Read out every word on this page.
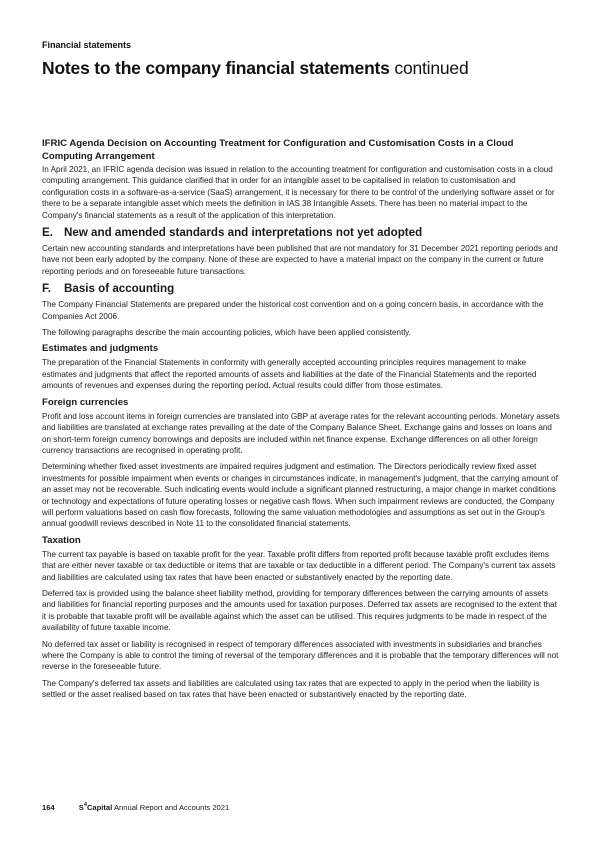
Financial statements
Notes to the company financial statements continued
IFRIC Agenda Decision on Accounting Treatment for Configuration and Customisation Costs in a Cloud Computing Arrangement

In April 2021, an IFRIC agenda decision was issued in relation to the accounting treatment for configuration and customisation costs in a cloud computing arrangement. This guidance clarified that in order for an intangible asset to be capitalised in relation to customisation and configuration costs in a software-as-a-service (SaaS) arrangement, it is necessary for there to be control of the underlying software asset or for there to be a separate intangible asset which meets the definition in IAS 38 Intangible Assets. There has been no material impact to the Company's financial statements as a result of the application of this interpretation.

E. New and amended standards and interpretations not yet adopted

Certain new accounting standards and interpretations have been published that are not mandatory for 31 December 2021 reporting periods and have not been early adopted by the company. None of these are expected to have a material impact on the company in the current or future reporting periods and on foreseeable future transactions.

F. Basis of accounting

The Company Financial Statements are prepared under the historical cost convention and on a going concern basis, in accordance with the Companies Act 2006.

The following paragraphs describe the main accounting policies, which have been applied consistently.

Estimates and judgments

The preparation of the Financial Statements in conformity with generally accepted accounting principles requires management to make estimates and judgments that affect the reported amounts of assets and liabilities at the date of the Financial Statements and the reported amounts of revenues and expenses during the reporting period. Actual results could differ from those estimates.

Foreign currencies

Profit and loss account items in foreign currencies are translated into GBP at average rates for the relevant accounting periods. Monetary assets and liabilities are translated at exchange rates prevailing at the date of the Company Balance Sheet. Exchange gains and losses on loans and on short-term foreign currency borrowings and deposits are included within net finance expense. Exchange differences on all other foreign currency transactions are recognised in operating profit.

Determining whether fixed asset investments are impaired requires judgment and estimation. The Directors periodically review fixed asset investments for possible impairment when events or changes in circumstances indicate, in management's judgment, that the carrying amount of an asset may not be recoverable. Such indicating events would include a significant planned restructuring, a major change in market conditions or technology and expectations of future operating losses or negative cash flows. When such impairment reviews are conducted, the Company will perform valuations based on cash flow forecasts, following the same valuation methodologies and assumptions as set out in the Group's annual goodwill reviews described in Note 11 to the consolidated financial statements.

Taxation

The current tax payable is based on taxable profit for the year. Taxable profit differs from reported profit because taxable profit excludes items that are either never taxable or tax deductible or items that are taxable or tax deductible in a different period. The Company's current tax assets and liabilities are calculated using tax rates that have been enacted or substantively enacted by the reporting date.

Deferred tax is provided using the balance sheet liability method, providing for temporary differences between the carrying amounts of assets and liabilities for financial reporting purposes and the amounts used for taxation purposes. Deferred tax assets are recognised to the extent that it is probable that taxable profit will be available against which the asset can be utilised. This requires judgments to be made in respect of the availability of future taxable income.

No deferred tax asset or liability is recognised in respect of temporary differences associated with investments in subsidiaries and branches where the Company is able to control the timing of reversal of the temporary differences and it is probable that the temporary differences will not reverse in the foreseeable future.

The Company's deferred tax assets and liabilities are calculated using tax rates that are expected to apply in the period when the liability is settled or the asset realised based on tax rates that have been enacted or substantively enacted by the reporting date.

164	$S^4Capital$ Annual Report and Accounts 2021
